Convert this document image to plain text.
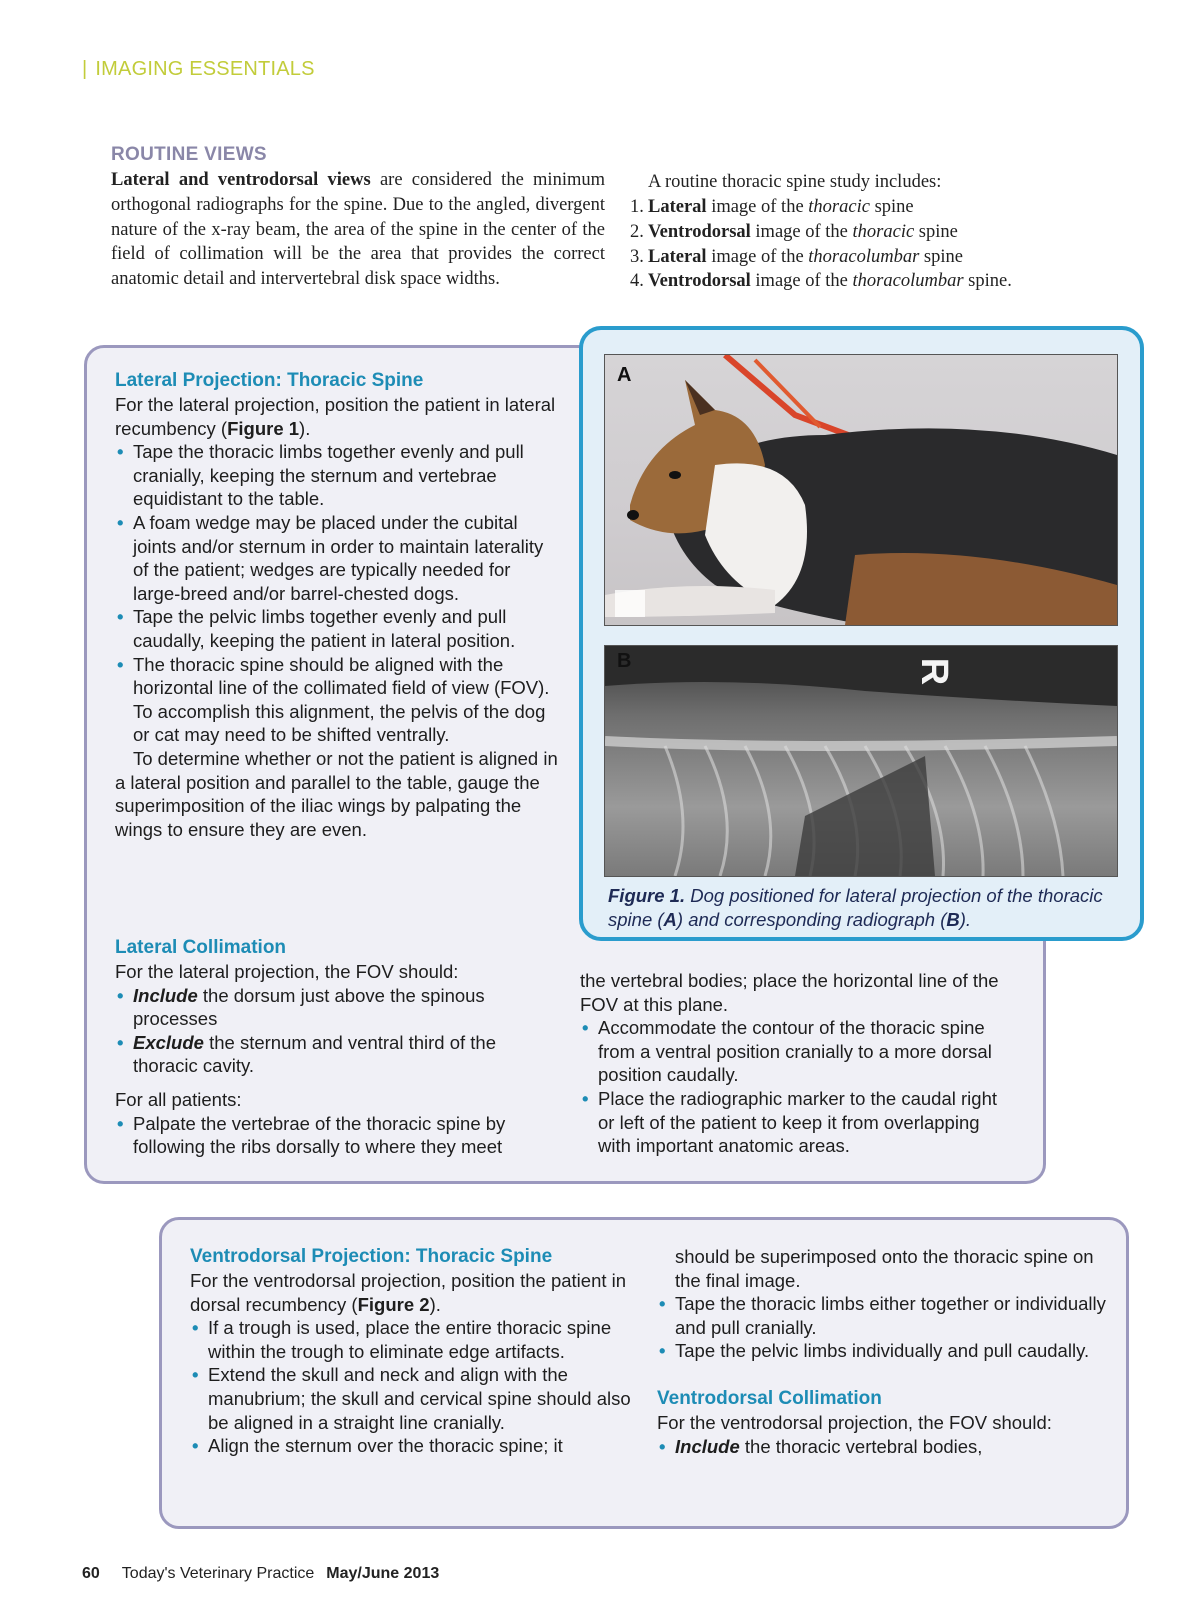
| IMAGING ESSENTIALS
ROUTINE VIEWS
Lateral and ventrodorsal views are considered the minimum orthogonal radiographs for the spine. Due to the angled, divergent nature of the x-ray beam, the area of the spine in the center of the field of collimation will be the area that provides the correct anatomic detail and intervertebral disk space widths.
A routine thoracic spine study includes:
1. Lateral image of the thoracic spine
2. Ventrodorsal image of the thoracic spine
3. Lateral image of the thoracolumbar spine
4. Ventrodorsal image of the thoracolumbar spine.
Lateral Projection: Thoracic Spine

For the lateral projection, position the patient in lateral recumbency (Figure 1).

• Tape the thoracic limbs together evenly and pull cranially, keeping the sternum and vertebrae equidistant to the table.
• A foam wedge may be placed under the cubital joints and/or sternum in order to maintain laterality of the patient; wedges are typically needed for large-breed and/or barrel-chested dogs.
• Tape the pelvic limbs together evenly and pull caudally, keeping the patient in lateral position.
• The thoracic spine should be aligned with the horizontal line of the collimated field of view (FOV). To accomplish this alignment, the pelvis of the dog or cat may need to be shifted ventrally.

To determine whether or not the patient is aligned in a lateral position and parallel to the table, gauge the superimposition of the iliac wings by palpating the wings to ensure they are even.

Lateral Collimation

For the lateral projection, the FOV should:

• Include the dorsum just above the spinous processes
• Exclude the sternum and ventral third of the thoracic cavity.

For all patients:

• Palpate the vertebrae of the thoracic spine by following the ribs dorsally to where they meet

the vertebral bodies; place the horizontal line of the FOV at this plane.

• Accommodate the contour of the thoracic spine from a ventral position cranially to a more dorsal position caudally.
• Place the radiographic marker to the caudal right or left of the patient to keep it from overlapping with important anatomic areas.
A
R
B
Figure 1. Dog positioned for lateral projection of the thoracic spine (A) and corresponding radiograph (B).
Ventrodorsal Projection: Thoracic Spine

For the ventrodorsal projection, position the patient in dorsal recumbency (Figure 2).

• If a trough is used, place the entire thoracic spine within the trough to eliminate edge artifacts.
• Extend the skull and neck and align with the manubrium; the skull and cervical spine should also be aligned in a straight line cranially.
• Align the sternum over the thoracic spine; it

should be superimposed onto the thoracic spine on the final image.

• Tape the thoracic limbs either together or individually and pull cranially.
• Tape the pelvic limbs individually and pull caudally.
Ventrodorsal Collimation

For the ventrodorsal projection, the FOV should:

• Include the thoracic vertebral bodies,
60 Today's Veterinary Practice May/June 2013
